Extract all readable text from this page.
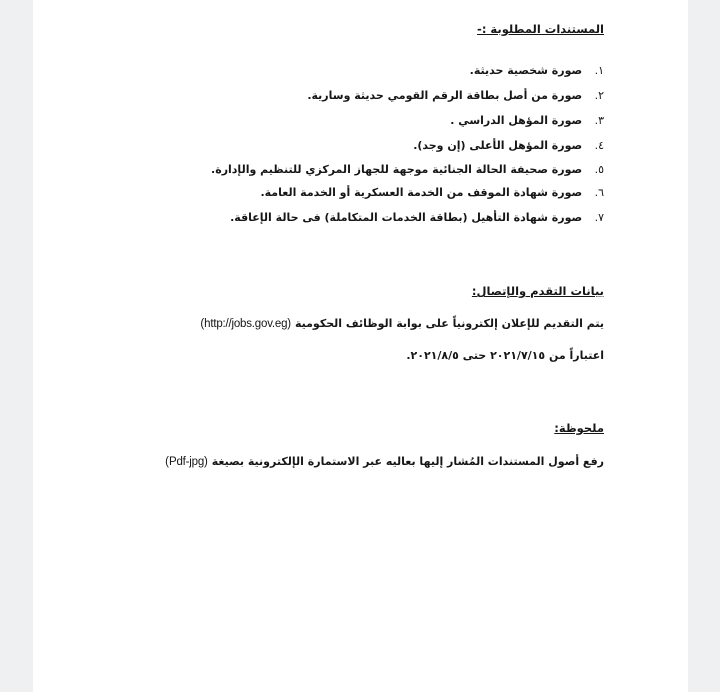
المستندات المطلوبة :-
١. صورة شخصية حديثة.
٢. صورة من أصل بطاقة الرقم القومي حديثة وسارية.
٣. صورة المؤهل الدراسي .
٤. صورة المؤهل الأعلى (إن وجد).
٥. صورة صحيفة الحالة الجنائية موجهة للجهاز المركزي للتنظيم والإدارة.
٦. صورة شهادة الموقف من الخدمة العسكرية أو الخدمة العامة.
٧. صورة شهادة التأهيل (بطاقة الخدمات المتكاملة) فى حالة الإعاقة.
بيانات التقدم والإتصال:
يتم التقديم للإعلان إلكترونياً على بوابة الوظائف الحكومية (http://jobs.gov.eg)
اعتباراً من ٢٠٢١/٧/١٥ حتى ٢٠٢١/٨/٥.
ملحوظة:
رفع أصول المستندات المُشار إليها بعاليه عبر الاستمارة الإلكترونية بصيغة (Pdf-jpg)
